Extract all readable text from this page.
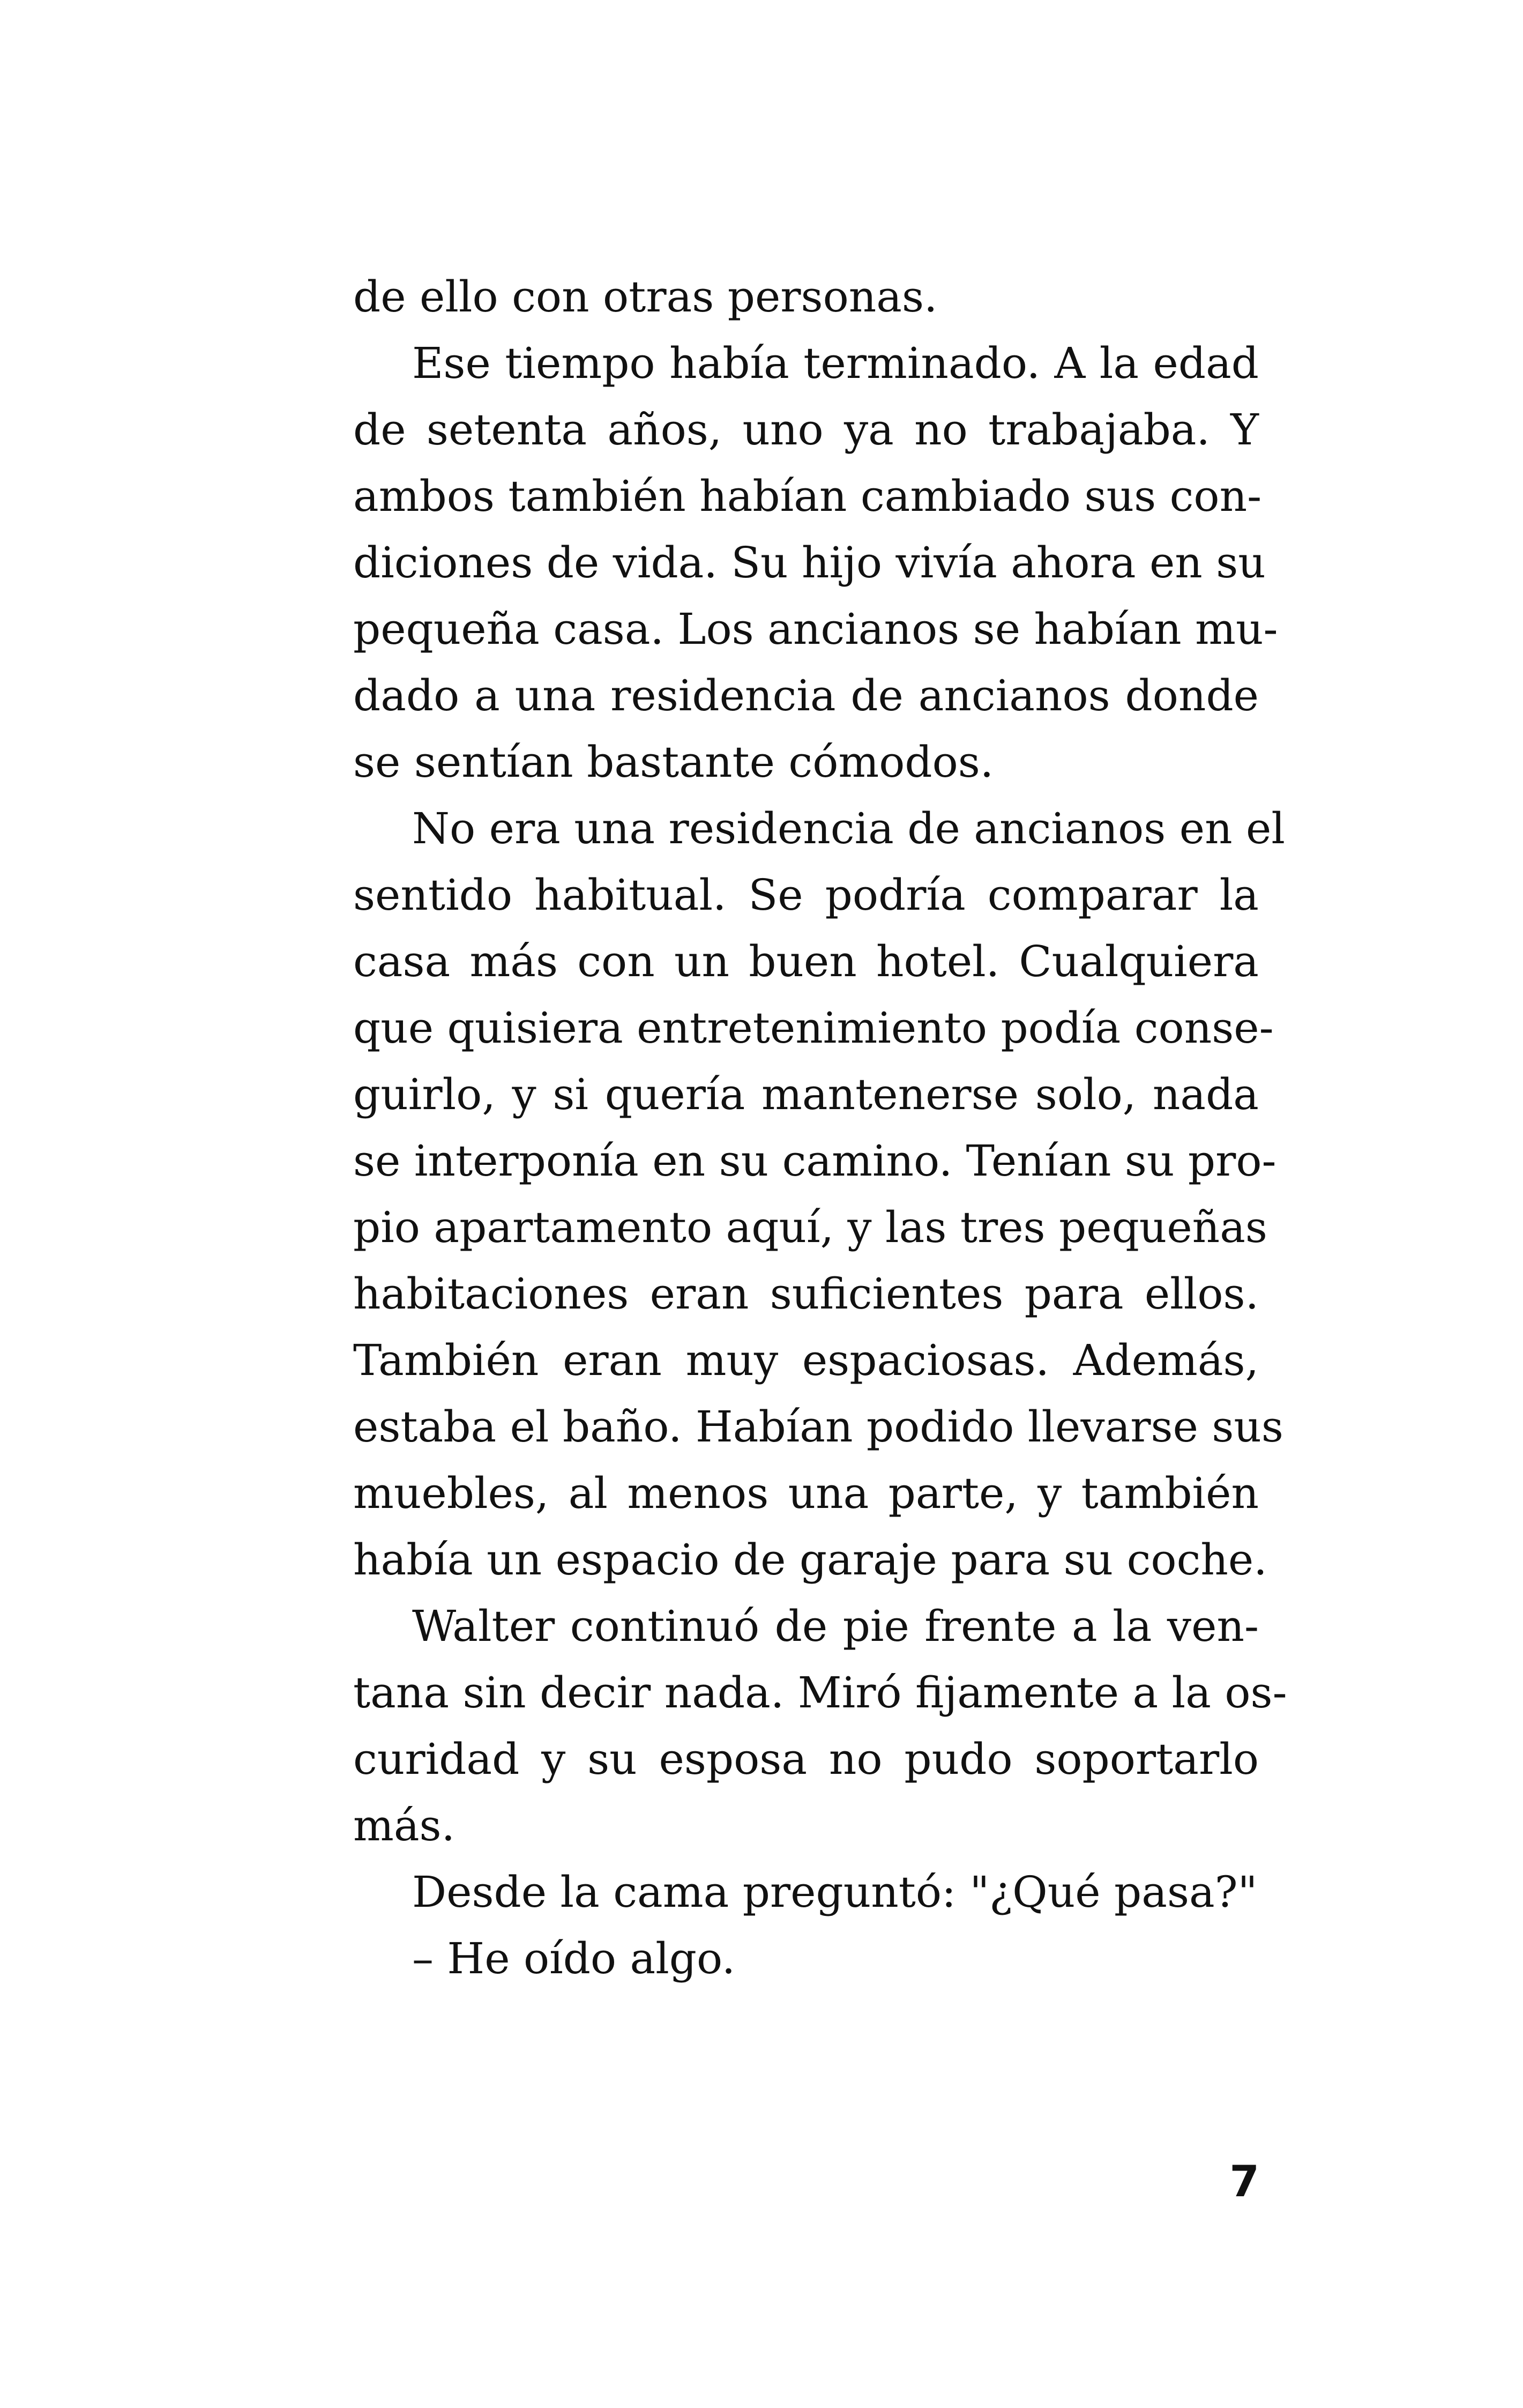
de ello con otras personas.
Ese tiempo había terminado. A la edad
de setenta años, uno ya no trabajaba. Y
ambos también habían cambiado sus con-
diciones de vida. Su hijo vivía ahora en su
pequeña casa. Los ancianos se habían mu-
dado a una residencia de ancianos donde
se sentían bastante cómodos.
No era una residencia de ancianos en el
sentido habitual. Se podría comparar la
casa más con un buen hotel. Cualquiera
que quisiera entretenimiento podía conse-
guirlo, y si quería mantenerse solo, nada
se interponía en su camino. Tenían su pro-
pio apartamento aquí, y las tres pequeñas
habitaciones eran suficientes para ellos.
También eran muy espaciosas. Además,
estaba el baño. Habían podido llevarse sus
muebles, al menos una parte, y también
había un espacio de garaje para su coche.
Walter continuó de pie frente a la ven-
tana sin decir nada. Miró fijamente a la os-
curidad y su esposa no pudo soportarlo
más.
Desde la cama preguntó: "¿Qué pasa?"
– He oído algo.
7
